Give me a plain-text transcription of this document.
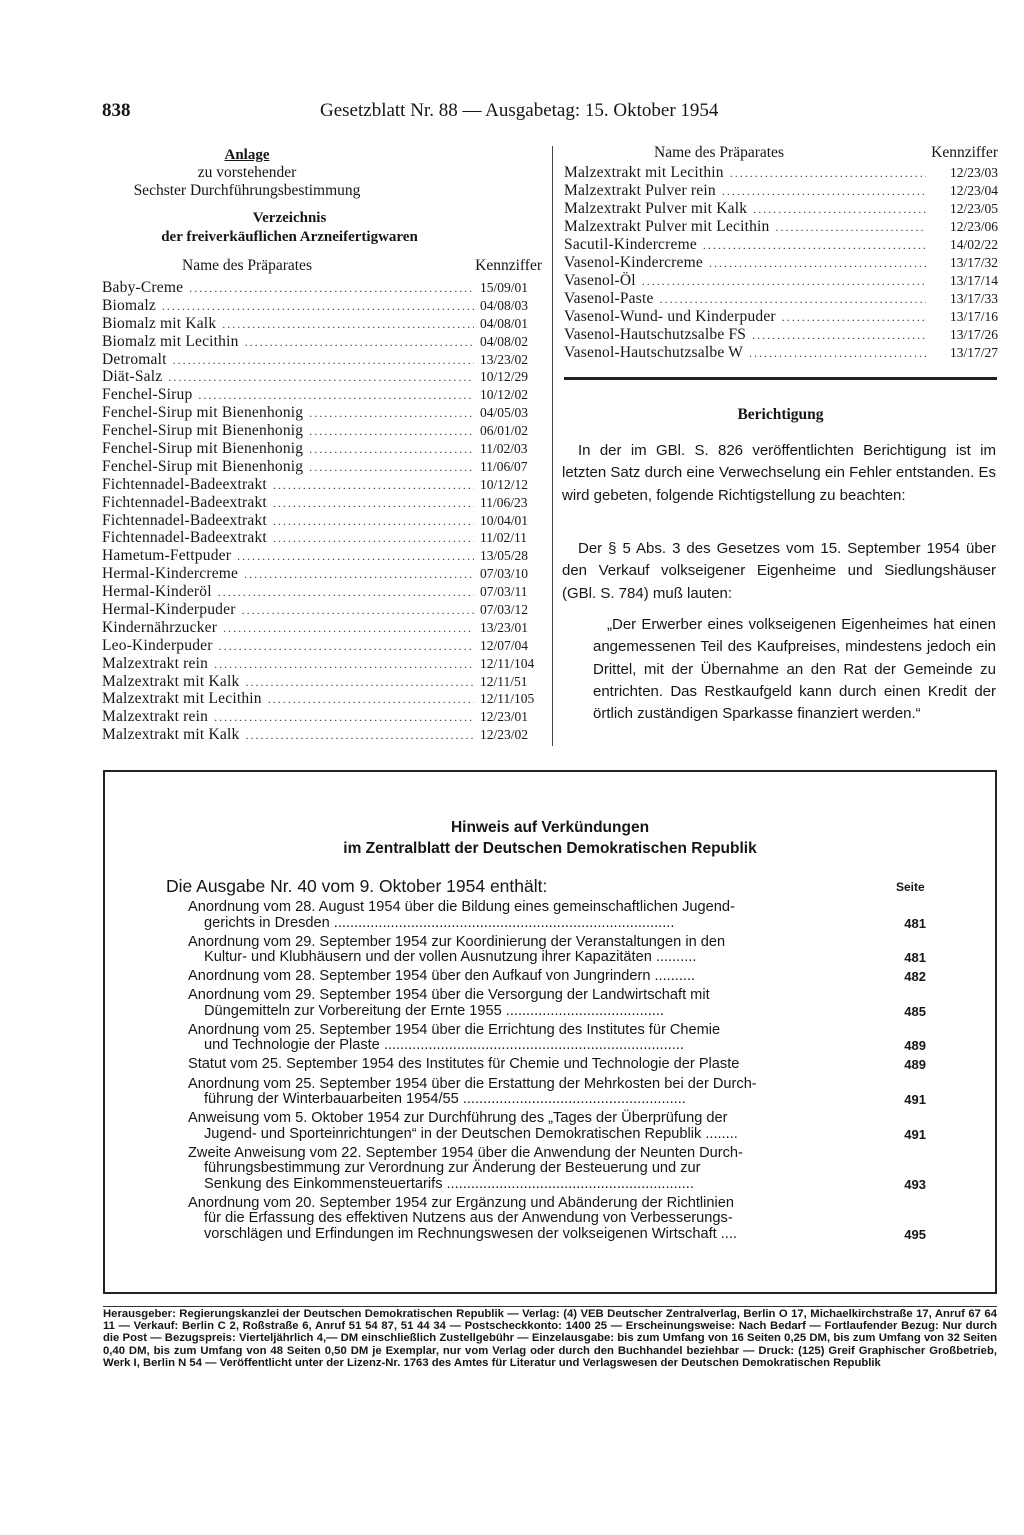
838	Gesetzblatt Nr. 88 — Ausgabetag: 15. Oktober 1954
Anlage
zu vorstehender
Sechster Durchführungsbestimmung
Verzeichnis
der freiverkäuflichen Arzneifertigwaren
Name des Präparates	Kennziffer
Baby-Creme .....	15/09/01
Biomalz .....	04/08/03
Biomalz mit Kalk .....	04/08/01
Biomalz mit Lecithin .....	04/08/02
Detromalt .....	13/23/02
Diät-Salz .....	10/12/29
Fenchel-Sirup .....	10/12/02
Fenchel-Sirup mit Bienenhonig .....	04/05/03
Fenchel-Sirup mit Bienenhonig .....	06/01/02
Fenchel-Sirup mit Bienenhonig .....	11/02/03
Fenchel-Sirup mit Bienenhonig .....	11/06/07
Fichtennadel-Badeextrakt .....	10/12/12
Fichtennadel-Badeextrakt .....	11/06/23
Fichtennadel-Badeextrakt .....	10/04/01
Fichtennadel-Badeextrakt .....	11/02/11
Hametum-Fettpuder .....	13/05/28
Hermal-Kindercreme .....	07/03/10
Hermal-Kinderöl .....	07/03/11
Hermal-Kinderpuder .....	07/03/12
Kindernährzucker .....	13/23/01
Leo-Kinderpuder .....	12/07/04
Malzextrakt rein .....	12/11/104
Malzextrakt mit Kalk .....	12/11/51
Malzextrakt mit Lecithin .....	12/11/105
Malzextrakt rein .....	12/23/01
Malzextrakt mit Kalk .....	12/23/02
Name des Präparates	Kennziffer
Malzextrakt mit Lecithin .....	12/23/03
Malzextrakt Pulver rein .....	12/23/04
Malzextrakt Pulver mit Kalk .....	12/23/05
Malzextrakt Pulver mit Lecithin .....	12/23/06
Sacutil-Kindercreme .....	14/02/22
Vasenol-Kindercreme .....	13/17/32
Vasenol-Öl .....	13/17/14
Vasenol-Paste .....	13/17/33
Vasenol-Wund- und Kinderpuder .....	13/17/16
Vasenol-Hautschutzsalbe FS .....	13/17/26
Vasenol-Hautschutzsalbe W .....	13/17/27
Berichtigung
In der im GBl. S. 826 veröffentlichten Berichtigung ist im letzten Satz durch eine Verwechselung ein Fehler entstanden. Es wird gebeten, folgende Richtigstellung zu beachten:
Der § 5 Abs. 3 des Gesetzes vom 15. September 1954 über den Verkauf volkseigener Eigenheime und Siedlungshäuser (GBl. S. 784) muß lauten:
„Der Erwerber eines volkseigenen Eigenheimes hat einen angemessenen Teil des Kaufpreises, mindestens jedoch ein Drittel, mit der Übernahme an den Rat der Gemeinde zu entrichten. Das Restkaufgeld kann durch einen Kredit der örtlich zuständigen Sparkasse finanziert werden.“
Hinweis auf Verkündungen
im Zentralblatt der Deutschen Demokratischen Republik
Die Ausgabe Nr. 40 vom 9. Oktober 1954 enthält:	Seite
Anordnung vom 28. August 1954 über die Bildung eines gemeinschaftlichen Jugend-
gerichts in Dresden ....................................................................................	481
Anordnung vom 29. September 1954 zur Koordinierung der Veranstaltungen in den
Kultur- und Klubhäusern und der vollen Ausnutzung ihrer Kapazitäten ..........	481
Anordnung vom 28. September 1954 über den Aufkauf von Jungrindern ..........	482
Anordnung vom 29. September 1954 über die Versorgung der Landwirtschaft mit
Düngemitteln zur Vorbereitung der Ernte 1955 .......................................	485
Anordnung vom 25. September 1954 über die Errichtung des Institutes für Chemie
und Technologie der Plaste ..........................................................................	489
Statut vom 25. September 1954 des Institutes für Chemie und Technologie der Plaste	489
Anordnung vom 25. September 1954 über die Erstattung der Mehrkosten bei der Durch-
führung der Winterbauarbeiten 1954/55 .......................................................	491
Anweisung vom 5. Oktober 1954 zur Durchführung des „Tages der Überprüfung der
Jugend- und Sporteinrichtungen“ in der Deutschen Demokratischen Republik ........	491
Zweite Anweisung vom 22. September 1954 über die Anwendung der Neunten Durch-
führungsbestimmung zur Verordnung zur Änderung der Besteuerung und zur
Senkung des Einkommensteuertarifs .............................................................	493
Anordnung vom 20. September 1954 zur Ergänzung und Abänderung der Richtlinien
für die Erfassung des effektiven Nutzens aus der Anwendung von Verbesserungs-
vorschlägen und Erfindungen im Rechnungswesen der volkseigenen Wirtschaft ....	495
Herausgeber: Regierungskanzlei der Deutschen Demokratischen Republik — Verlag: (4) VEB Deutscher Zentralverlag, Berlin O 17, Michaelkirchstraße 17, Anruf 67 64 11 — Verkauf: Berlin C 2, Roßstraße 6, Anruf 51 54 87, 51 44 34 — Postscheckkonto: 1400 25 — Erscheinungsweise: Nach Bedarf — Fortlaufender Bezug: Nur durch die Post — Bezugspreis: Vierteljährlich 4,— DM einschließlich Zustellgebühr — Einzelausgabe: bis zum Umfang von 16 Seiten 0,25 DM, bis zum Umfang von 32 Seiten 0,40 DM, bis zum Umfang von 48 Seiten 0,50 DM je Exemplar, nur vom Verlag oder durch den Buchhandel beziehbar — Druck: (125) Greif Graphischer Großbetrieb, Werk I, Berlin N 54 — Veröffentlicht unter der Lizenz-Nr. 1763 des Amtes für Literatur und Verlagswesen der Deutschen Demokratischen Republik
